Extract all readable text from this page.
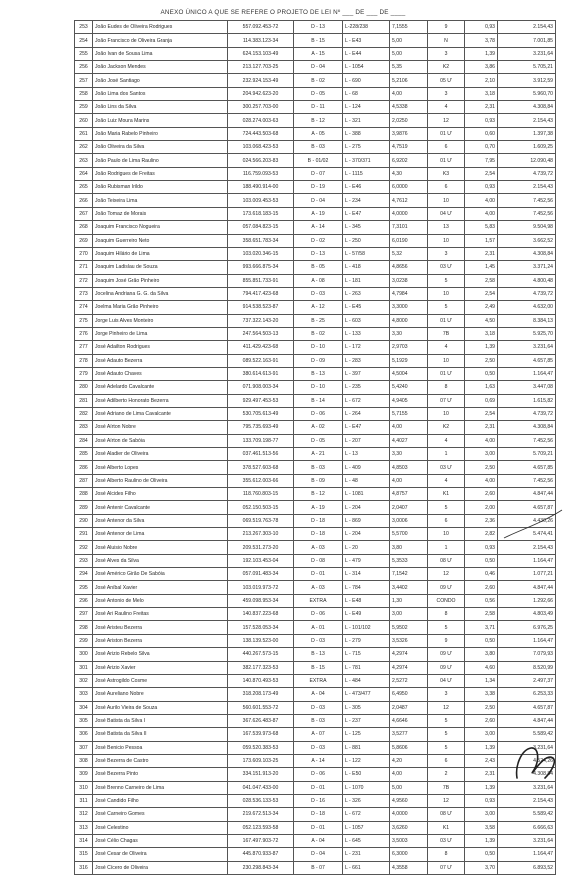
ANEXO ÚNICO A QUE SE REFERE O PROJETO DE LEI Nº ___ DE ___ DE ____
253	João Eudes de Oliveira Rodrigues	557.092.453-72	D - 13	L-228/238	7,1555	9	0,93	2.154,43
254	João Francisco de Oliveira Granja	114.383.123-34	B - 15	L - E43	5,00	N	3,78	7.001,85
255	João Ivan de Sousa Lima	624.153.103-49	A - 15	L - E44	5,00	3	1,39	3.231,64
256	João Jackson Mendes	213.127.703-25	D - 04	L - 1054	5,35	K2	3,86	5.705,21
257	João José Santiago	232.924.153-49	B - 02	L - 690	5,2106	05 U'	2,10	3.912,59
258	João Lima dos Santos	204.942.623-20	D - 05	L - 68	4,00	3	3,18	5.960,70
259	João Lins da Silva	300.257.703-00	D - 11	L - 124	4,5338	4	2,31	4.308,84
260	João Luiz Moura Marins	028.274.003-63	B - 12	L - 321	2,0250	12	0,93	2.154,43
261	João Maria Rabelo Pinheiro	724.443.503-68	A - 05	L - 388	3,9876	01 U'	0,60	1.397,38
262	João Oliveira da Silva	103.068.423-53	B - 03	L - 275	4,7519	6	0,70	1.609,25
263	João Paulo de Lima Raulino	024.566.203-83	B - 01/02	L - 370/371	6,9202	01 U'	7,95	12.090,48
264	João Rodrigues de Freitas	116.759.093-53	D - 07	L - 1115	4,30	K3	2,54	4.739,72
265	João Rubisman Irildo	188.490.914-00	D - 19	L - E46	6,0000	6	0,93	2.154,43
266	João Teixeira Lima	103.009.453-53	D - 04	L - 234	4,7612	10	4,00	7.452,56
267	João Tomaz de Morais	173.618.183-15	A - 19	L - E47	4,0000	04 U'	4,00	7.452,56
268	Joaquim Francisco Nogueira	057.084.823-15	A - 14	L - 345	7,3101	13	5,83	9.504,98
269	Joaquim Guerreiro Neto	358.651.783-34	D - 02	L - 250	6,0190	10	1,57	3.662,52
270	Joaquim Hilário de Lima	103.020.346-15	D - 13	L - 57/58	5,32	3	2,31	4.308,84
271	Joaquim Ladislau de Souza	993.666.875-34	B - 05	L - 418	4,8656	03 U'	1,45	3.371,24
272	Joaquim José Grão Pinheiro	855.851.733-91	A - 08	L - 181	3,0238	5	2,58	4.800,48
273	Jocelina Andriana G. G. da Silva	794.417.423-68	D - 03	L - 263	4,7984	10	2,54	4.739,72
274	Joelma Maria Grão Pinheiro	914.538.523-87	A - 12	L - E45	3,3000	5	2,49	4.632,00
275	Jorge Luis Alves Monteiro	737.322.143-20	B - 25	L - 603	4,8000	01 U'	4,50	8.384,13
276	Jorge Pinheiro de Lima	247.564.503-13	B - 02	L - 133	3,30	7B	3,18	5.925,70
277	José Adailton Rodrigues	411.429.423-68	D - 10	L - 172	2,9703	4	1,39	3.231,64
278	José Adauto Bezerra	089.522.163-91	D - 09	L - 283	5,1929	10	2,50	4.657,85
279	José Adauto Chaves	380.614.613-91	B - 13	L - 397	4,5004	01 U'	0,50	1.164,47
280	José Adelardo Cavalcante	071.908.003-34	D - 10	L - 235	5,4240	8	1,63	3.447,08
281	José Adilberto Honorato Bezerra	929.497.453-53	B - 14	L - 672	4,9405	07 U'	0,69	1.615,82
282	José Adriano de Lima Cavalcante	530.705.613-49	D - 06	L - 264	5,7155	10	2,54	4.739,72
283	José Aírton Nobre	795.735.693-49	A - 02	L - E47	4,00	K2	2,31	4.308,84
284	José Aírton de Sabóia	133.709.198-77	D - 05	L - 207	4,4027	4	4,00	7.452,56
285	José Aladier de Oliveira	037.461.513-56	A - 21	L - 13	3,30	1	3,00	5.709,21
286	José Alberto Lopes	378.527.603-68	B - 03	L - 409	4,8503	03 U'	2,50	4.657,85
287	José Alberto Raulino de Oliveira	355.612.003-66	B - 09	L - 48	4,00	4	4,00	7.452,56
288	José Alcides Filho	118.760.803-15	B - 12	L - 1081	4,8757	K1	2,60	4.847,44
289	José Antenir Cavalcante	052.150.503-15	A - 19	L - 204	2,0407	5	2,00	4.657,87
290	José Antenor da Silva	069.519.763-78	D - 18	L - 869	3,0006	6	2,36	4.430,26
291	José Antenor de Lima	213.267.303-10	D - 18	L - 204	5,5700	10	2,82	5.474,41
292	José Aluisio Nobre	209.531.273-20	A - 03	L - 20	3,80	1	0,93	2.154,43
293	José Alves da Silva	192.103.453-04	D - 08	L - 479	5,3533	08 U'	0,50	1.164,47
294	José Américo Girão De Sabóia	057.091.483-34	D - 01	L - 314	7,1542	12	0,46	1.077,21
295	José Aníbal Xavier	103.019.973-72	A - 03	L - 784	3,4402	09 U'	2,60	4.847,44
296	José Antonio de Melo	459.098.953-34	EXTRA	L - E48	1,30	CONDO	0,56	1.292,66
297	José Ari Raulino Freitas	140.837.223-68	D - 06	L - E49	3,00	8	2,58	4.803,49
298	José Aristeu Bezerra	157.528.053-34	A - 01	L - 101/102	5,9502	5	3,71	6.976,25
299	José Ariston Bezerra	138.139.523-00	D - 03	L - 279	3,5326	9	0,50	1.164,47
300	José Arizio Rebelo Silva	440.267.573-15	B - 13	L - 715	4,2974	09 U'	3,80	7.079,93
301	José Arizio Xavier	382.177.323-53	B - 15	L - 781	4,2974	09 U'	4,60	8.520,99
302	José Astrogildo Cosme	140.870.493-53	EXTRA	L - 484	2,5272	04 U'	1,34	2.497,37
303	José Aureliano Nobre	318.208.173-49	A - 04	L - 473/477	6,4950	3	3,38	6.253,33
304	José Aurilo Vieira de Souza	560.601.553-72	D - 03	L - 305	2,0487	12	2,50	4.657,87
305	José Batista da Silva I	367.626.483-87	B - 03	L - 237	4,6646	5	2,60	4.847,44
306	José Batista da Silva II	167.539.973-68	A - 07	L - 125	3,5277	5	3,00	5.589,42
307	José Benicio Pessoa	059.520.383-53	D - 03	L - 881	5,8606	5	1,39	3.231,64
308	José Bezerra de Castro	173.609.103-25	A - 14	L - 122	4,20	6	2,43	4.524,26
309	José Bezerra Pinto	334.151.913-20	D - 06	L - E50	4,00	2	2,31	4.308,84
310	José Brenno Carneiro de Lima	041.047.433-00	D - 01	L - 1070	5,00	7B	1,39	3.231,64
311	José Candido Filho	028.536.133-53	D - 16	L - 326	4,9560	12	0,93	2.154,43
312	José Carneiro Gomes	219.672.513-34	D - 18	L - 672	4,0000	08 U'	3,00	5.589,42
313	José Celestino	052.123.593-58	D - 01	L - 1057	3,6260	K1	3,58	6.666,63
314	José Célio Chagas	167.497.903-72	A - 04	L - 645	3,5003	03 U'	1,39	3.231,64
315	José Cesar de Oliveira	445.870.933-87	D - 04	L - 231	6,3000	8	0,50	1.164,47
316	José Cícero de Oliveira	230.298.843-34	B - 07	L - 661	4,3558	07 U'	3,70	6.893,52
